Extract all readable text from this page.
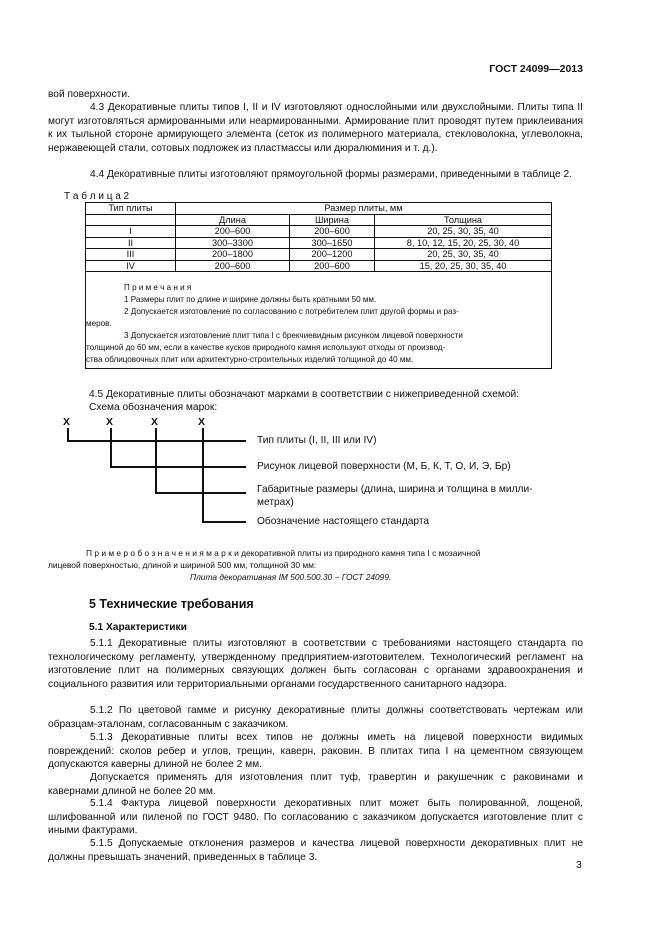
ГОСТ 24099—2013

вой поверхности.

4.3 Декоративные плиты типов I, II и IV изготовляют однослойными или двухслойными. Плиты типа II могут изготовляться армированными или неармированными. Армирование плит проводят путем приклеивания к их тыльной стороне армирующего элемента (сеток из полимерного материала, стекловолокна, углеволокна, нержавеющей стали, сотовых подложек из пластмассы или дюралюминия и т. д.).

4.4 Декоративные плиты изготовляют прямоугольной формы размерами, приведенными в таблице 2.

Т а б л и ц а 2
Тип плиты	Размер плиты, мм		
	Длина	Ширина	Толщина
I	200–600	200–600	20, 25, 30, 35, 40
II	300–3300	300–1650	8, 10, 12, 15, 20, 25, 30, 40
III	200–1800	200–1200	20, 25, 30, 35, 40
IV	200–600	200–600	15, 20, 25, 30, 35, 40

П р и м е ч а н и я
1 Размеры плит по длине и ширине должны быть кратными 50 мм.
2 Допускается изготовление по согласованию с потребителем плит другой формы и раз-
меров.
3 Допускается изготовление плит типа I с брекчиевидным рисунком лицевой поверхности
толщиной до 60 мм, если в качестве кусков природного камня используют отходы от производ-
ства облицовочных плит или архитектурно-строительных изделий толщиной до 40 мм.
4.5 Декоративные плиты обозначают марками в соответствии с нижеприведенной схемой:
Схема обозначения марок:
X	X	X	X
Тип плиты (I, II, III или IV)
Рисунок лицевой поверхности (М, Б, К, Т, О, И, Э, Бр)
Габаритные размеры (длина, ширина и толщина в милли-
метрах)
Обозначение настоящего стандарта
П р и м е р о б о з н а ч е н и я м а р к и декоративной плиты из природного камня типа I с мозаичной
лицевой поверхностью, длиной и шириной 500 мм, толщиной 30 мм:
Плита декоративная IМ 500.500.30 − ГОСТ 24099.
5 Технические требования
5.1 Характеристики

5.1.1 Декоративные плиты изготовляют в соответствии с требованиями настоящего стандарта по технологическому регламенту, утвержденному предприятием-изготовителем. Технологический регламент на изготовление плит на полимерных связующих должен быть согласован с органами здравоохранения и социального развития или территориальными органами государственного санитарного надзора.

5.1.2 По цветовой гамме и рисунку декоративные плиты должны соответствовать чертежам или образцам-эталонам, согласованным с заказчиком.

5.1.3 Декоративные плиты всех типов не должны иметь на лицевой поверхности видимых повреждений: сколов ребер и углов, трещин, каверн, раковин. В плитах типа I на цементном связующем допускаются каверны длиной не более 2 мм.

Допускается применять для изготовления плит туф, травертин и ракушечник с раковинами и кавернами длиной не более 20 мм.

5.1.4 Фактура лицевой поверхности декоративных плит может быть полированной, лощеной, шлифованной или пиленой по ГОСТ 9480. По согласованию с заказчиком допускается изготовление плит с иными фактурами.

5.1.5 Допускаемые отклонения размеров и качества лицевой поверхности декоративных плит не должны превышать значений, приведенных в таблице 3.

3
